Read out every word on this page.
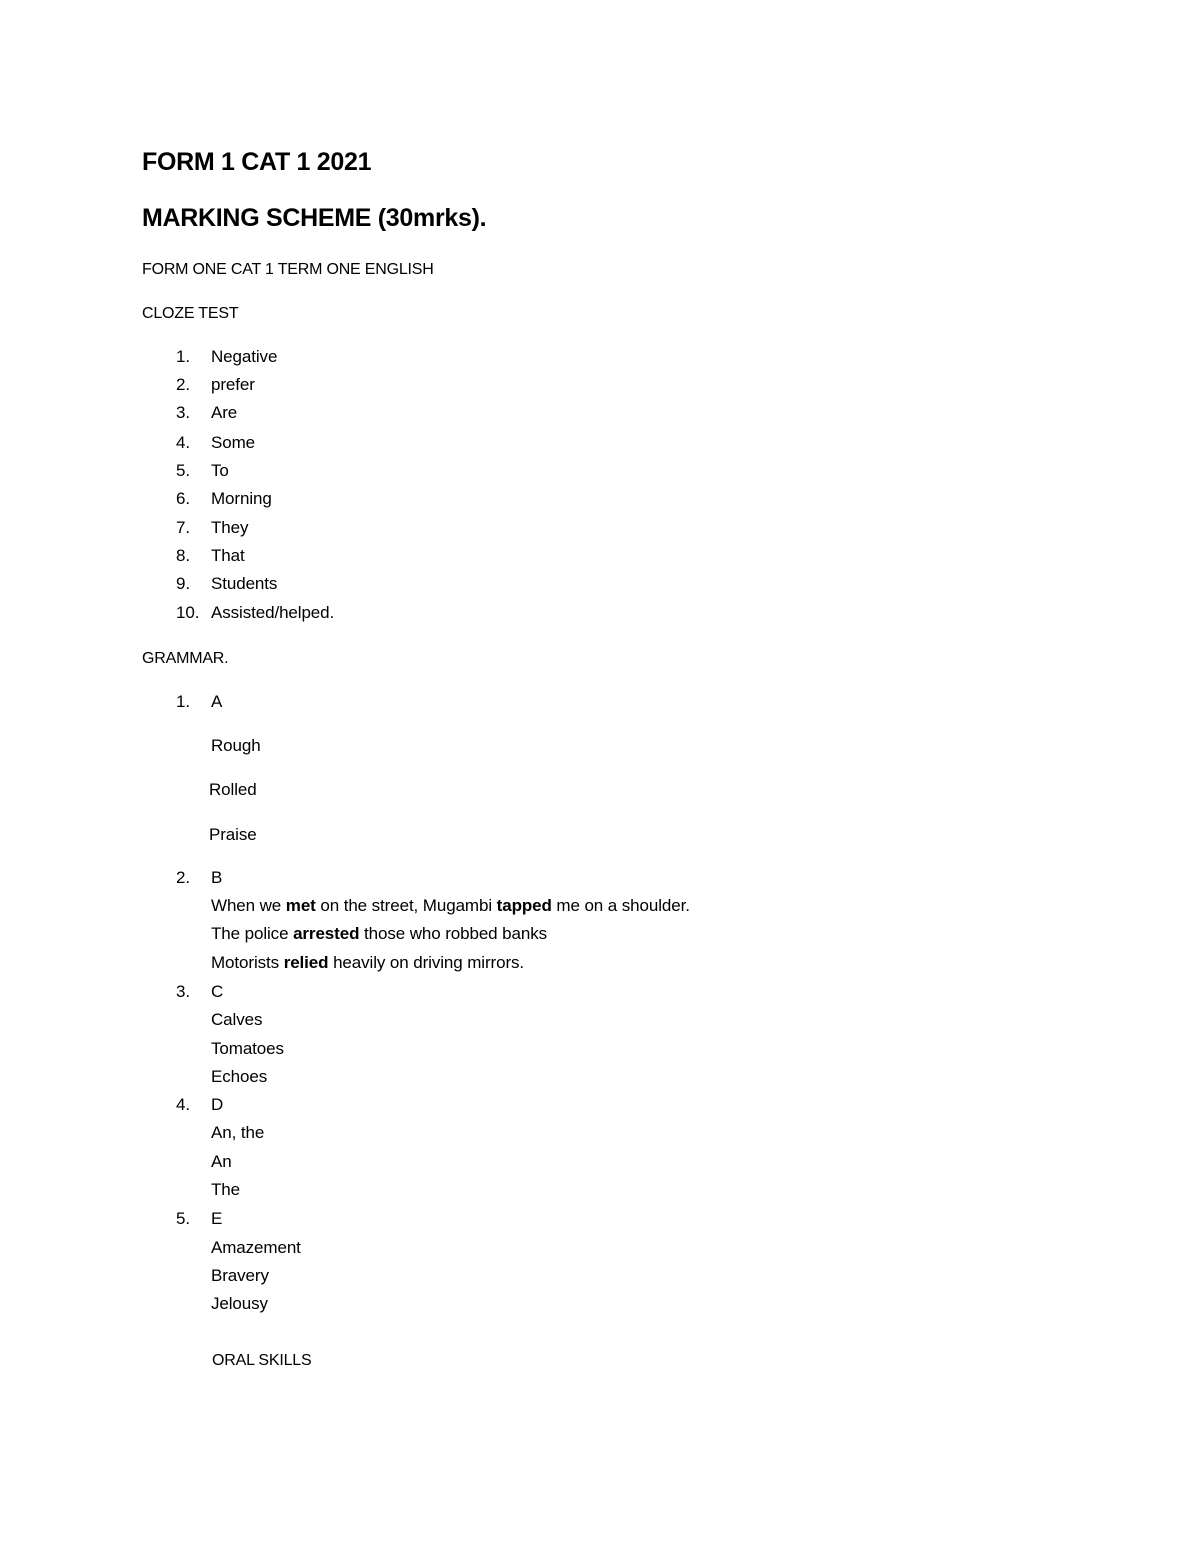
FORM 1 CAT 1 2021
MARKING SCHEME (30mrks).

FORM ONE CAT 1 TERM ONE ENGLISH

CLOZE TEST

1. Negative
2. prefer
3. Are
4. Some
5. To
6. Morning
7. They
8. That
9. Students
10. Assisted/helped.

GRAMMAR.

1. A
Rough
Rolled
Praise
2. B
When we met on the street, Mugambi tapped me on a shoulder.
The police arrested those who robbed banks
Motorists relied heavily on driving mirrors.
3. C
Calves
Tomatoes
Echoes
4. D
An, the
An
The
5. E
Amazement
Bravery
Jelousy

ORAL SKILLS
